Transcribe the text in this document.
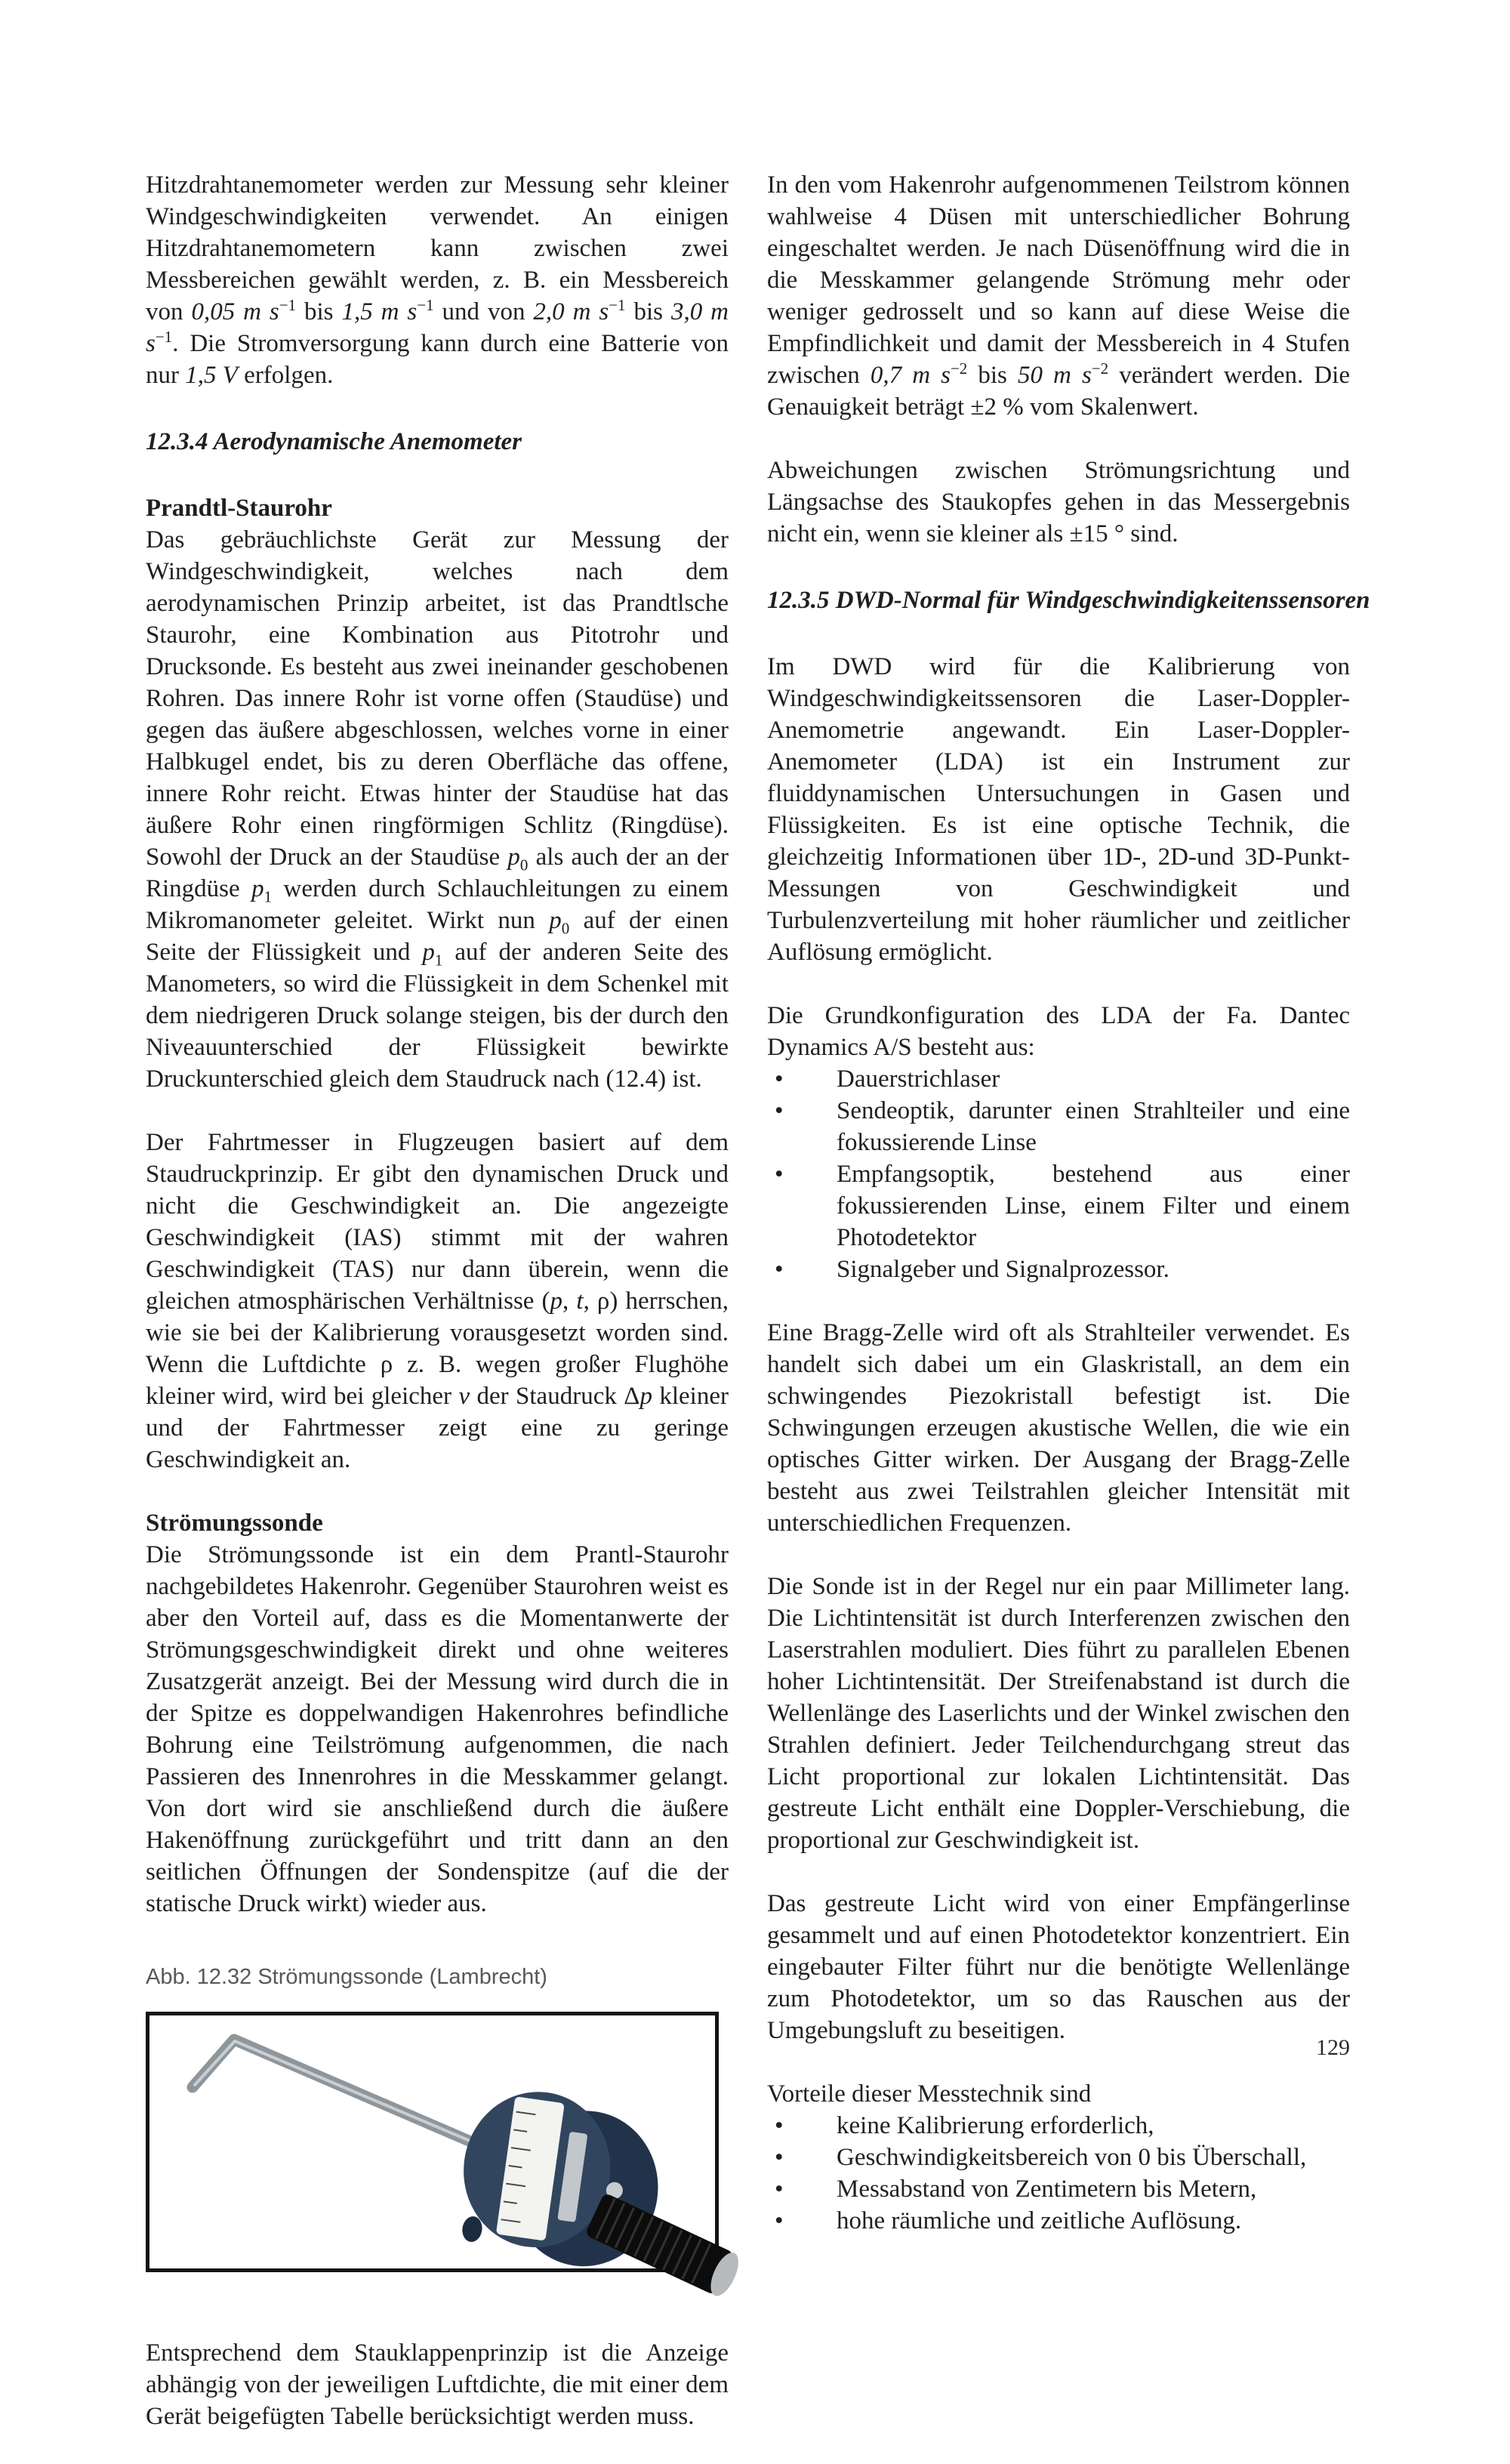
Hitzdrahtanemometer werden zur Messung sehr kleiner Windgeschwindigkeiten verwendet. An einigen Hitzdrahtanemometern kann zwischen zwei Messbereichen gewählt werden, z. B. ein Messbereich von 0,05 m $s^{-1}$ bis 1,5 m $s^{-1}$ und von 2,0 m $s^{-1}$ bis 3,0 m $s^{-1}$. Die Stromversorgung kann durch eine Batterie von nur 1,5 V erfolgen.

12.3.4 Aerodynamische Anemometer
Prandtl-Staurohr

Das gebräuchlichste Gerät zur Messung der Windgeschwindigkeit, welches nach dem aerodynamischen Prinzip arbeitet, ist das Prandtlsche Staurohr, eine Kombination aus Pitotrohr und Drucksonde. Es besteht aus zwei ineinander geschobenen Rohren. Das innere Rohr ist vorne offen (Staudüse) und gegen das äußere abgeschlossen, welches vorne in einer Halbkugel endet, bis zu deren Oberfläche das offene, innere Rohr reicht. Etwas hinter der Staudüse hat das äußere Rohr einen ringförmigen Schlitz (Ringdüse). Sowohl der Druck an der Staudüse $p_0$ als auch der an der Ringdüse $p_1$ werden durch Schlauchleitungen zu einem Mikromanometer geleitet. Wirkt nun $p_0$ auf der einen Seite der Flüssigkeit und $p_1$ auf der anderen Seite des Manometers, so wird die Flüssigkeit in dem Schenkel mit dem niedrigeren Druck solange steigen, bis der durch den Niveauunterschied der Flüssigkeit bewirkte Druckunterschied gleich dem Staudruck nach (12.4) ist.

Der Fahrtmesser in Flugzeugen basiert auf dem Staudruckprinzip. Er gibt den dynamischen Druck und nicht die Geschwindigkeit an. Die angezeigte Geschwindigkeit (IAS) stimmt mit der wahren Geschwindigkeit (TAS) nur dann überein, wenn die gleichen atmosphärischen Verhältnisse (p, t, ρ) herrschen, wie sie bei der Kalibrierung vorausgesetzt worden sind. Wenn die Luftdichte ρ z. B. wegen großer Flughöhe kleiner wird, wird bei gleicher v der Staudruck Δp kleiner und der Fahrtmesser zeigt eine zu geringe Geschwindigkeit an.

Strömungssonde

Die Strömungssonde ist ein dem Prantl-Staurohr nachgebildetes Hakenrohr. Gegenüber Staurohren weist es aber den Vorteil auf, dass es die Momentanwerte der Strömungsgeschwindigkeit direkt und ohne weiteres Zusatzgerät anzeigt. Bei der Messung wird durch die in der Spitze es doppelwandigen Hakenrohres befindliche Bohrung eine Teilströmung aufgenommen, die nach Passieren des Innenrohres in die Messkammer gelangt. Von dort wird sie anschließend durch die äußere Hakenöffnung zurückgeführt und tritt dann an den seitlichen Öffnungen der Sondenspitze (auf die der statische Druck wirkt) wieder aus.

Abb. 12.32 Strömungssonde (Lambrecht)

Entsprechend dem Stauklappenprinzip ist die Anzeige abhängig von der jeweiligen Luftdichte, die mit einer dem Gerät beigefügten Tabelle berücksichtigt werden muss.

In den vom Hakenrohr aufgenommenen Teilstrom können wahlweise 4 Düsen mit unterschiedlicher Bohrung eingeschaltet werden. Je nach Düsenöffnung wird die in die Messkammer gelangende Strömung mehr oder weniger gedrosselt und so kann auf diese Weise die Empfindlichkeit und damit der Messbereich in 4 Stufen zwischen 0,7 m $s^{-2}$ bis 50 m $s^{-2}$ verändert werden. Die Genauigkeit beträgt ±2 % vom Skalenwert.

Abweichungen zwischen Strömungsrichtung und Längsachse des Staukopfes gehen in das Messergebnis nicht ein, wenn sie kleiner als ±15 ° sind.

12.3.5 DWD-Normal für Windgeschwindigkeitenssensoren

Im DWD wird für die Kalibrierung von Windgeschwindigkeitssensoren die Laser-Doppler-Anemometrie angewandt. Ein Laser-Doppler-Anemometer (LDA) ist ein Instrument zur fluiddynamischen Untersuchungen in Gasen und Flüssigkeiten. Es ist eine optische Technik, die gleichzeitig Informationen über 1D-, 2D-und 3D-Punkt-Messungen von Geschwindigkeit und Turbulenzverteilung mit hoher räumlicher und zeitlicher Auflösung ermöglicht.

Die Grundkonfiguration des LDA der Fa. Dantec Dynamics A/S besteht aus:

•	Dauerstrichlaser
•	Sendeoptik, darunter einen Strahlteiler und eine fokussierende Linse
•	Empfangsoptik, bestehend aus einer fokussierenden Linse, einem Filter und einem Photodetektor
•	Signalgeber und Signalprozessor.

Eine Bragg-Zelle wird oft als Strahlteiler verwendet. Es handelt sich dabei um ein Glaskristall, an dem ein schwingendes Piezokristall befestigt ist. Die Schwingungen erzeugen akustische Wellen, die wie ein optisches Gitter wirken. Der Ausgang der Bragg-Zelle besteht aus zwei Teilstrahlen gleicher Intensität mit unterschiedlichen Frequenzen.

Die Sonde ist in der Regel nur ein paar Millimeter lang. Die Lichtintensität ist durch Interferenzen zwischen den Laserstrahlen moduliert. Dies führt zu parallelen Ebenen hoher Lichtintensität. Der Streifenabstand ist durch die Wellenlänge des Laserlichts und der Winkel zwischen den Strahlen definiert. Jeder Teilchendurchgang streut das Licht proportional zur lokalen Lichtintensität. Das gestreute Licht enthält eine Doppler-Verschiebung, die proportional zur Geschwindigkeit ist.

Das gestreute Licht wird von einer Empfängerlinse gesammelt und auf einen Photodetektor konzentriert. Ein eingebauter Filter führt nur die benötigte Wellenlänge zum Photodetektor, um so das Rauschen aus der Umgebungsluft zu beseitigen.

Vorteile dieser Messtechnik sind

•	keine Kalibrierung erforderlich,
•	Geschwindigkeitsbereich von 0 bis Überschall,
•	Messabstand von Zentimetern bis Metern,
•	hohe räumliche und zeitliche Auflösung.
129
